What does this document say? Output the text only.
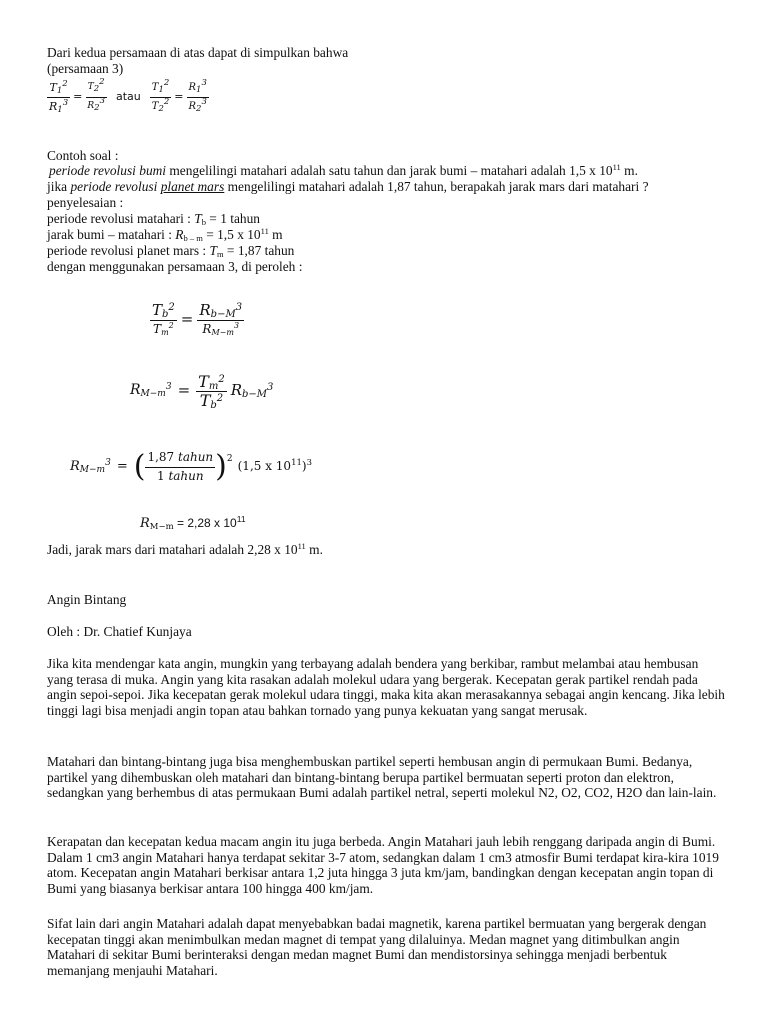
Dari kedua persamaan di atas dapat di simpulkan bahwa
(persamaan 3)
$\frac{T_1^2}{R_1^3} = \frac{T_2^2}{R_2^3}$ atau $\frac{T_1^2}{T_2^2} = \frac{R_1^3}{R_2^3}$
Contoh soal :
periode revolusi bumi mengelilingi matahari adalah satu tahun dan jarak bumi – matahari adalah 1,5 x $10^{11}$ m.
jika periode revolusi planet mars mengelilingi matahari adalah 1,87 tahun, berapakah jarak mars dari matahari ?
penyelesaian :
periode revolusi matahari : $T_b = 1$ tahun
jarak bumi – matahari : $R_{b - m} = 1,5$ x $10^{11}$ m
periode revolusi planet mars : $T_m = 1,87$ tahun
dengan menggunakan persamaan 3, di peroleh :
$\frac{T_b^2}{T_m^2} = \frac{R_{b-M}^3}{R_{M-m}^3}$
$R_{M-m}^3 = \frac{T_m^2}{T_b^2} R_{b-M}^3$
$R_{M-m}^3$ = ( $\frac{\text{1,87 tahun}}{\text{1 tahun}}$ ) 2
(1,5 x $10^{11})^3$
$R_{M-m} = 2,28$ x $10^{11}$
Jadi, jarak mars dari matahari adalah 2,28 x $10^{11}$ m.
Angin Bintang
Oleh : Dr. Chatief Kunjaya
Jika kita mendengar kata angin, mungkin yang terbayang adalah bendera yang berkibar, rambut melambai atau hembusan yang terasa di muka. Angin yang kita rasakan adalah molekul udara yang bergerak. Kecepatan gerak partikel rendah pada angin sepoi-sepoi. Jika kecepatan gerak molekul udara tinggi, maka kita akan merasakannya sebagai angin kencang. Jika lebih tinggi lagi bisa menjadi angin topan atau bahkan tornado yang punya kekuatan yang sangat merusak.
Matahari dan bintang-bintang juga bisa menghembuskan partikel seperti hembusan angin di permukaan Bumi. Bedanya, partikel yang dihembuskan oleh matahari dan bintang-bintang berupa partikel bermuatan seperti proton dan elektron, sedangkan yang berhembus di atas permukaan Bumi adalah partikel netral, seperti molekul N2, O2, CO2, H2O dan lain-lain.
Kerapatan dan kecepatan kedua macam angin itu juga berbeda. Angin Matahari jauh lebih renggang daripada angin di Bumi. Dalam 1 cm3 angin Matahari hanya terdapat sekitar 3-7 atom, sedangkan dalam 1 cm3 atmosfir Bumi terdapat kira-kira 1019 atom. Kecepatan angin Matahari berkisar antara 1,2 juta hingga 3 juta km/jam, bandingkan dengan kecepatan angin topan di Bumi yang biasanya berkisar antara 100 hingga 400 km/jam.
Sifat lain dari angin Matahari adalah dapat menyebabkan badai magnetik, karena partikel bermuatan yang bergerak dengan kecepatan tinggi akan menimbulkan medan magnet di tempat yang dilaluinya. Medan magnet yang ditimbulkan angin Matahari di sekitar Bumi berinteraksi dengan medan magnet Bumi dan mendistorsinya sehingga menjadi berbentuk memanjang menjauhi Matahari.
